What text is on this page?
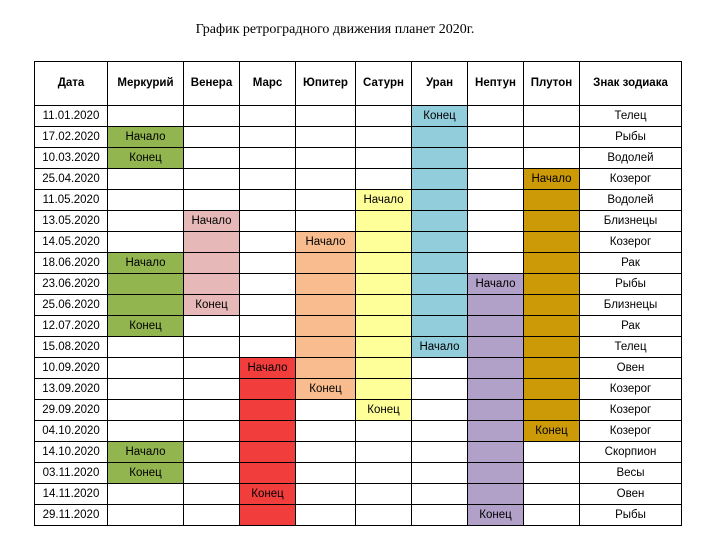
График ретроградного движения планет 2020г.
Дата	Меркурий	Венера	Марс	Юпитер	Сатурн	Уран	Нептун	Плутон	Знак зодиака
11.01.2020						Конец			Телец
17.02.2020	Начало								Рыбы
10.03.2020	Конец								Водолей
25.04.2020								Начало	Козерог
11.05.2020					Начало				Водолей
13.05.2020		Начало							Близнецы
14.05.2020				Начало					Козерог
18.06.2020	Начало								Рак
23.06.2020							Начало		Рыбы
25.06.2020		Конец							Близнецы
12.07.2020	Конец								Рак
15.08.2020						Начало			Телец
10.09.2020			Начало						Овен
13.09.2020				Конец					Козерог
29.09.2020					Конец				Козерог
04.10.2020								Конец	Козерог
14.10.2020	Начало								Скорпион
03.11.2020	Конец								Весы
14.11.2020			Конец						Овен
29.11.2020							Конец		Рыбы
